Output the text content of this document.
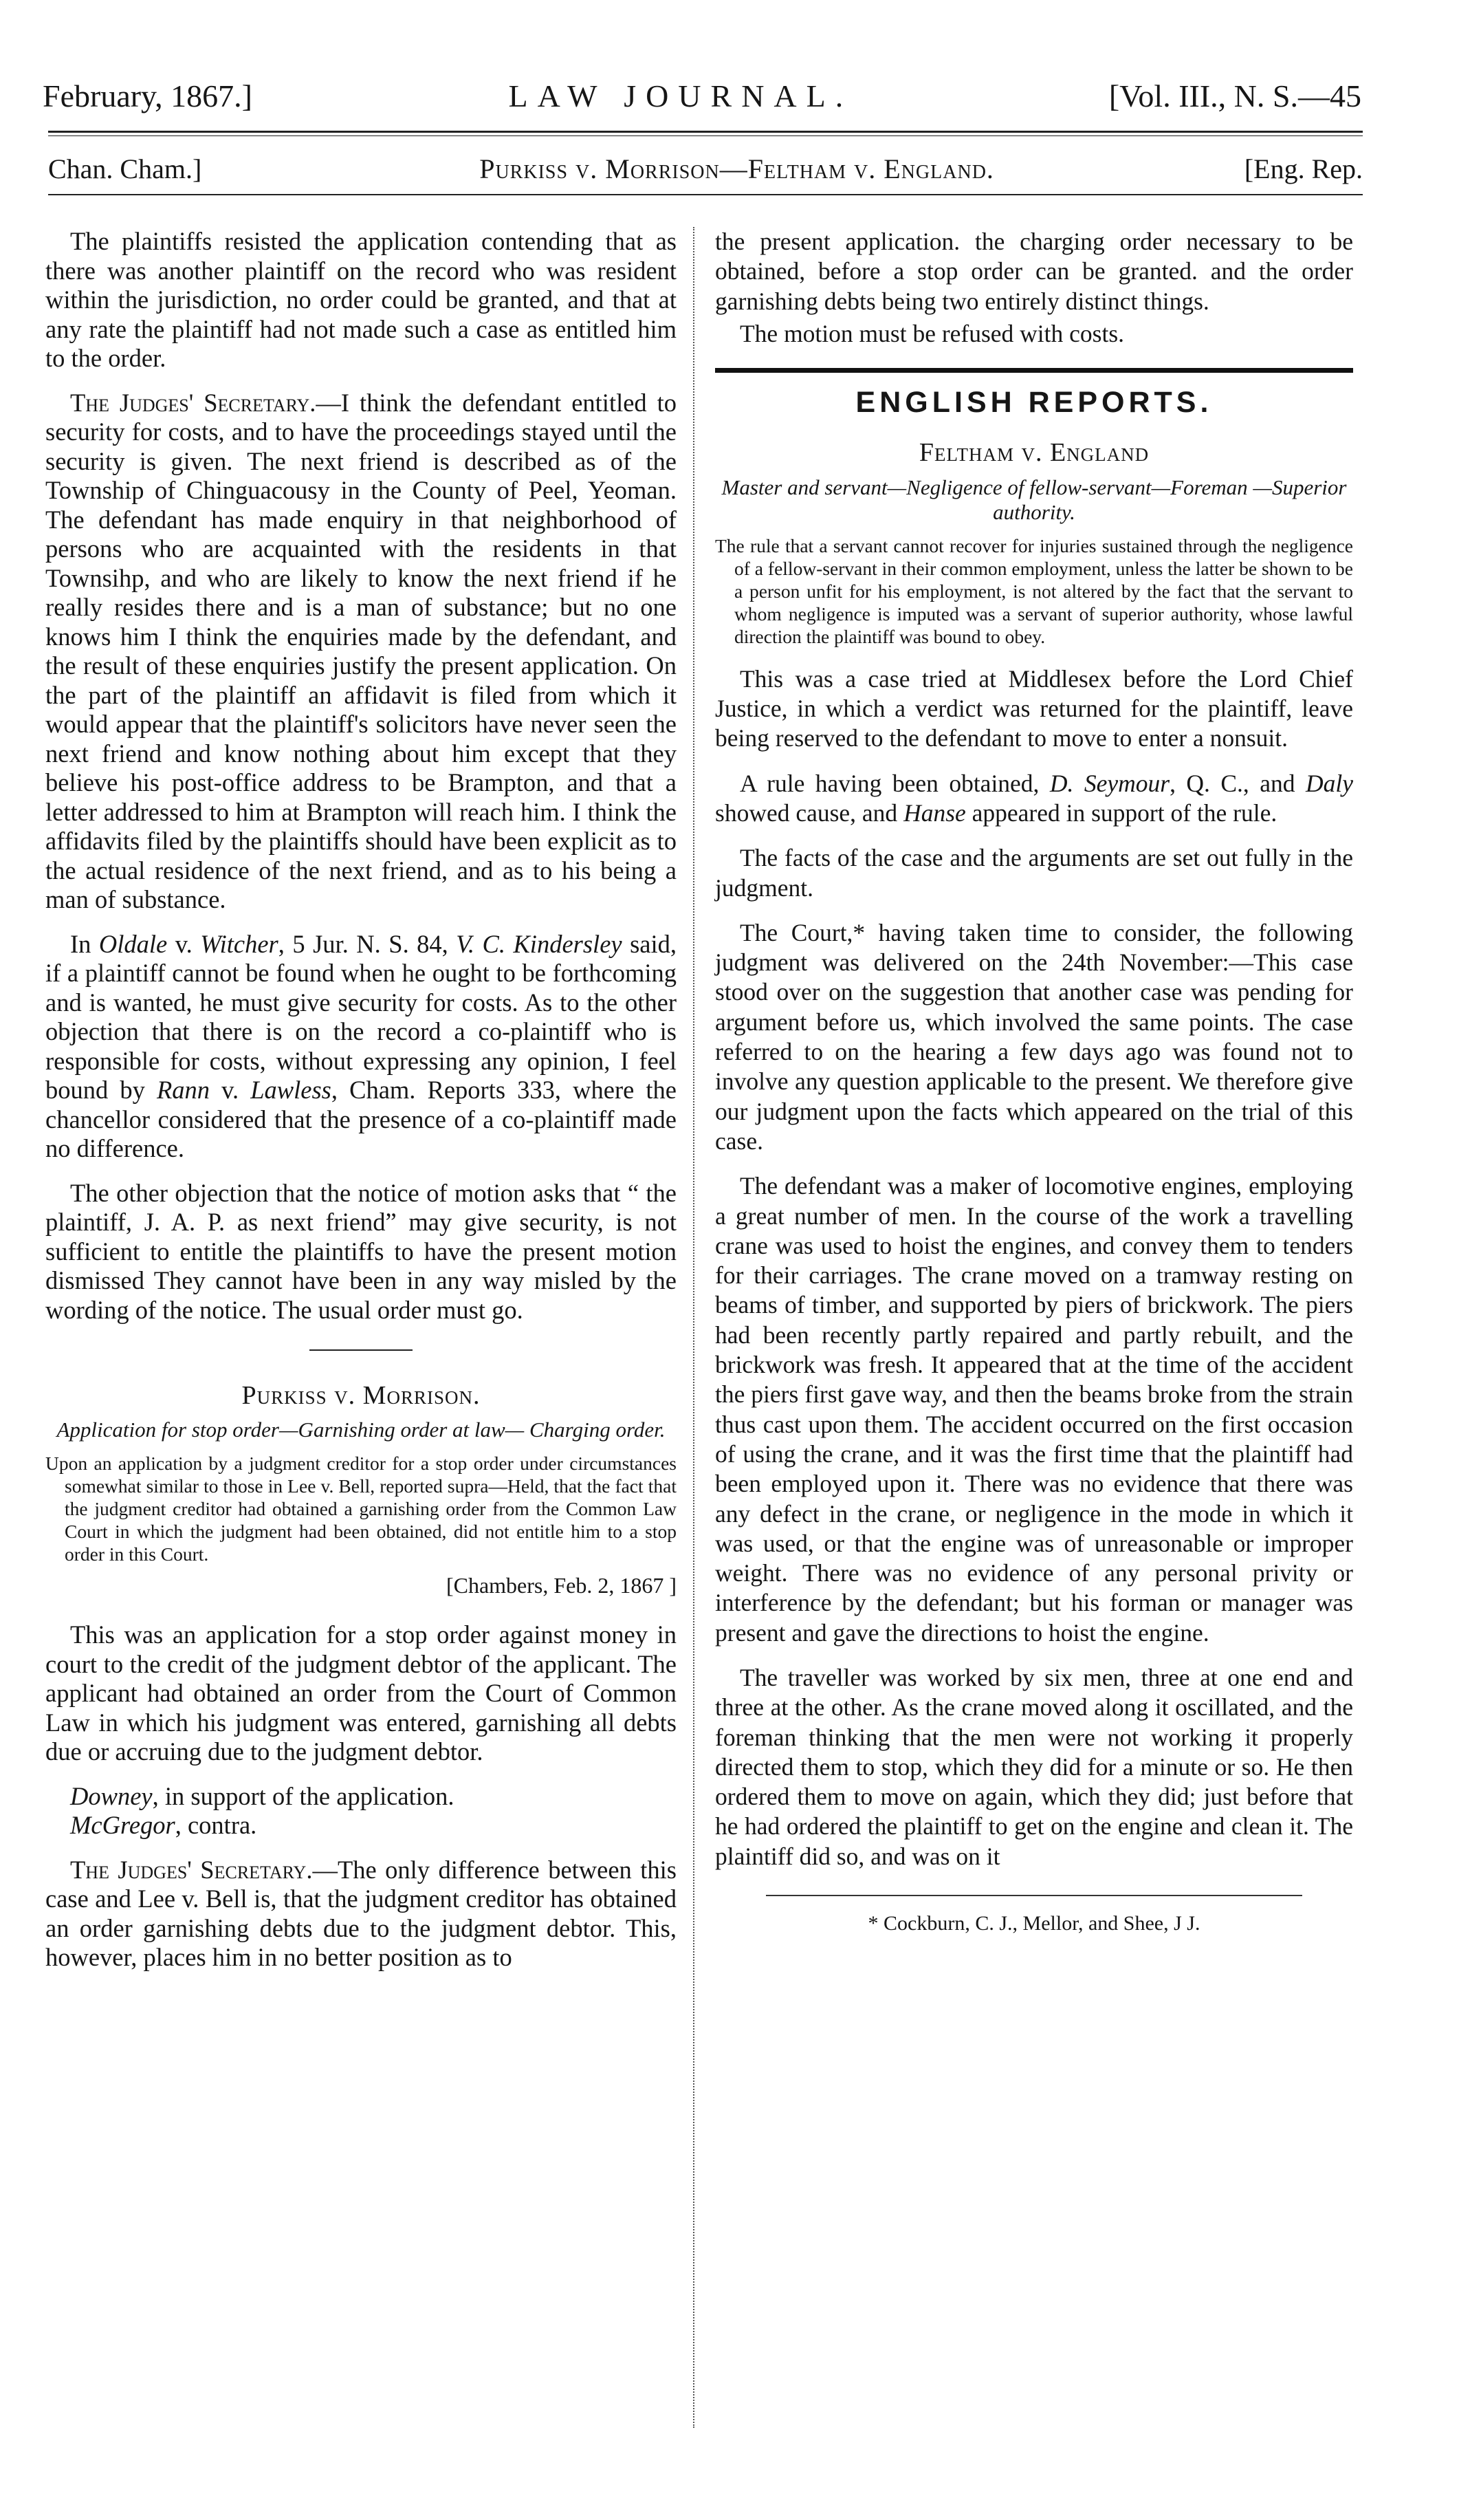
February, 1867.]	LAW JOURNAL.	[Vol. III., N. S.—45
Chan. Cham.]	Purkiss v. Morrison—Feltham v. England.	[Eng. Rep.

The plaintiffs resisted the application contending that as there was another plaintiff on the record who was resident within the jurisdiction, no order could be granted, and that at any rate the plaintiff had not made such a case as entitled him to the order.

The Judges' Secretary.—I think the defendant entitled to security for costs, and to have the proceedings stayed until the security is given. The next friend is described as of the Township of Chinguacousy in the County of Peel, Yeoman. The defendant has made enquiry in that neighborhood of persons who are acquainted with the residents in that Townsihp, and who are likely to know the next friend if he really resides there and is a man of substance; but no one knows him I think the enquiries made by the defendant, and the result of these enquiries justify the present application. On the part of the plaintiff an affidavit is filed from which it would appear that the plaintiff's solicitors have never seen the next friend and know nothing about him except that they believe his post-office address to be Brampton, and that a letter addressed to him at Brampton will reach him. I think the affidavits filed by the plaintiffs should have been explicit as to the actual residence of the next friend, and as to his being a man of substance.

In Oldale v. Witcher, 5 Jur. N. S. 84, V. C. Kindersley said, if a plaintiff cannot be found when he ought to be forthcoming and is wanted, he must give security for costs. As to the other objection that there is on the record a co-plaintiff who is responsible for costs, without expressing any opinion, I feel bound by Rann v. Lawless, Cham. Reports 333, where the chancellor considered that the presence of a co-plaintiff made no difference.

The other objection that the notice of motion asks that “ the plaintiff, J. A. P. as next friend” may give security, is not sufficient to entitle the plaintiffs to have the present motion dismissed They cannot have been in any way misled by the wording of the notice. The usual order must go.

Purkiss v. Morrison.

Application for stop order—Garnishing order at law— Charging order.

Upon an application by a judgment creditor for a stop order under circumstances somewhat similar to those in Lee v. Bell, reported supra—Held, that the fact that the judgment creditor had obtained a garnishing order from the Common Law Court in which the judgment had been obtained, did not entitle him to a stop order in this Court.

[Chambers, Feb. 2, 1867 ]

This was an application for a stop order against money in court to the credit of the judgment debtor of the applicant. The applicant had obtained an order from the Court of Common Law in which his judgment was entered, garnishing all debts due or accruing due to the judgment debtor.

Downey, in support of the application.

McGregor, contra.

The Judges' Secretary.—The only difference between this case and Lee v. Bell is, that the judgment creditor has obtained an order garnishing debts due to the judgment debtor. This, however, places him in no better position as to

the present application. the charging order necessary to be obtained, before a stop order can be granted. and the order garnishing debts being two entirely distinct things.

The motion must be refused with costs.

ENGLISH REPORTS.

Feltham v. England

Master and servant—Negligence of fellow-servant—Foreman —Superior authority.

The rule that a servant cannot recover for injuries sustained through the negligence of a fellow-servant in their common employment, unless the latter be shown to be a person unfit for his employment, is not altered by the fact that the servant to whom negligence is imputed was a servant of superior authority, whose lawful direction the plaintiff was bound to obey.

This was a case tried at Middlesex before the Lord Chief Justice, in which a verdict was returned for the plaintiff, leave being reserved to the defendant to move to enter a nonsuit.

A rule having been obtained, D. Seymour, Q. C., and Daly showed cause, and Hanse appeared in support of the rule.

The facts of the case and the arguments are set out fully in the judgment.

The Court,* having taken time to consider, the following judgment was delivered on the 24th November:—This case stood over on the suggestion that another case was pending for argument before us, which involved the same points. The case referred to on the hearing a few days ago was found not to involve any question applicable to the present. We therefore give our judgment upon the facts which appeared on the trial of this case.

The defendant was a maker of locomotive engines, employing a great number of men. In the course of the work a travelling crane was used to hoist the engines, and convey them to tenders for their carriages. The crane moved on a tramway resting on beams of timber, and supported by piers of brickwork. The piers had been recently partly repaired and partly rebuilt, and the brickwork was fresh. It appeared that at the time of the accident the piers first gave way, and then the beams broke from the strain thus cast upon them. The accident occurred on the first occasion of using the crane, and it was the first time that the plaintiff had been employed upon it. There was no evidence that there was any defect in the crane, or negligence in the mode in which it was used, or that the engine was of unreasonable or improper weight. There was no evidence of any personal privity or interference by the defendant; but his forman or manager was present and gave the directions to hoist the engine.

The traveller was worked by six men, three at one end and three at the other. As the crane moved along it oscillated, and the foreman thinking that the men were not working it properly directed them to stop, which they did for a minute or so. He then ordered them to move on again, which they did; just before that he had ordered the plaintiff to get on the engine and clean it. The plaintiff did so, and was on it

* Cockburn, C. J., Mellor, and Shee, J J.
